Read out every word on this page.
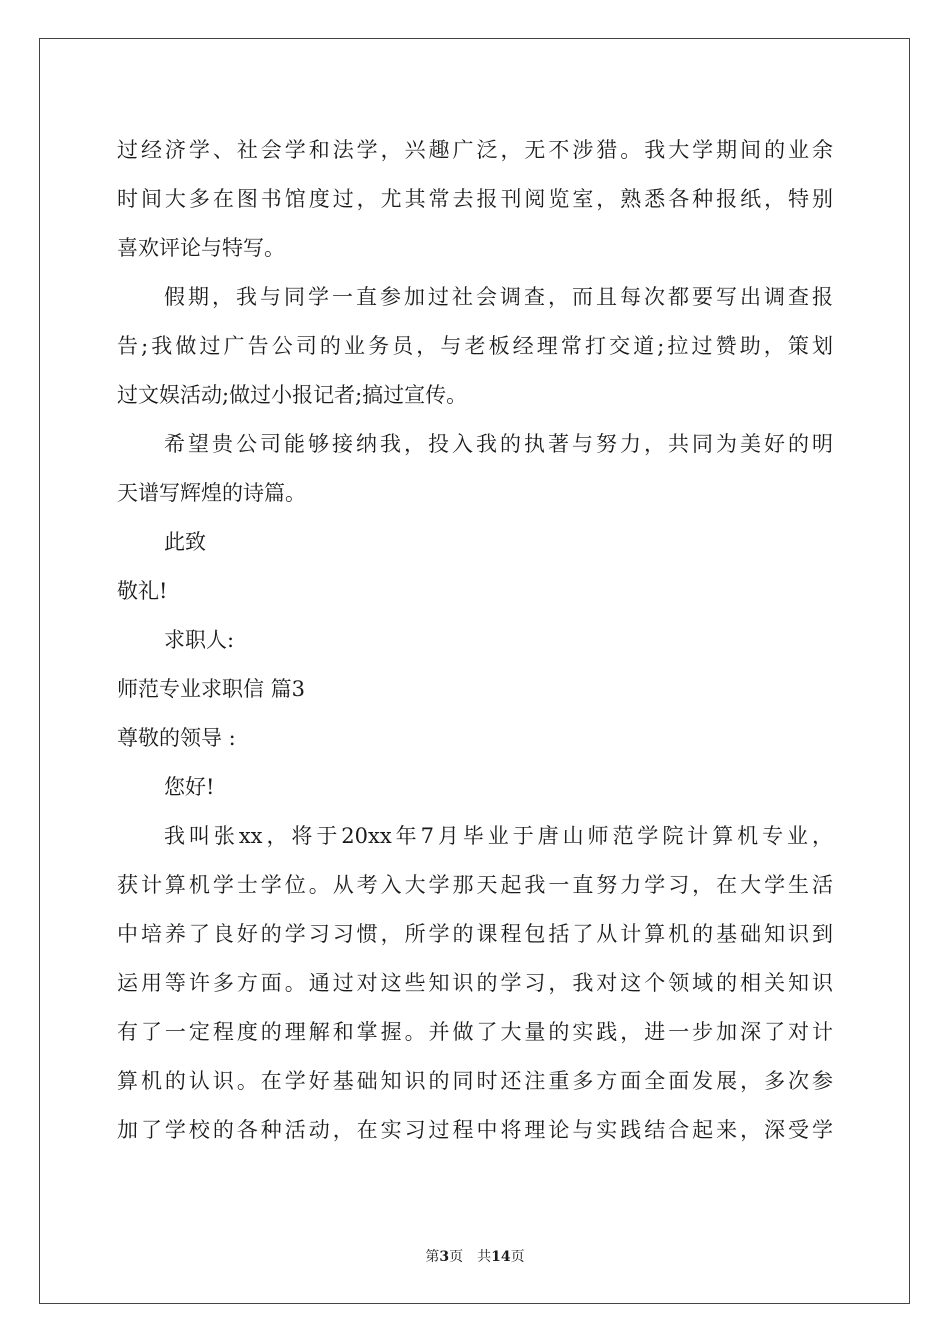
过经济学、社会学和法学，兴趣广泛，无不涉猎。我大学期间的业余
时间大多在图书馆度过，尤其常去报刊阅览室，熟悉各种报纸，特别
喜欢评论与特写。
假期，我与同学一直参加过社会调查，而且每次都要写出调查报
告;我做过广告公司的业务员，与老板经理常打交道;拉过赞助，策划
过文娱活动;做过小报记者;搞过宣传。
希望贵公司能够接纳我，投入我的执著与努力，共同为美好的明
天谱写辉煌的诗篇。
此致
敬礼!
求职人:
师范专业求职信 篇3
尊敬的领导 :
您好!
我叫张xx，将于20xx年7月毕业于唐山师范学院计算机专业，
获计算机学士学位。从考入大学那天起我一直努力学习，在大学生活
中培养了良好的学习习惯，所学的课程包括了从计算机的基础知识到
运用等许多方面。通过对这些知识的学习，我对这个领域的相关知识
有了一定程度的理解和掌握。并做了大量的实践，进一步加深了对计
算机的认识。在学好基础知识的同时还注重多方面全面发展，多次参
加了学校的各种活动，在实习过程中将理论与实践结合起来，深受学
第3页 共14页
